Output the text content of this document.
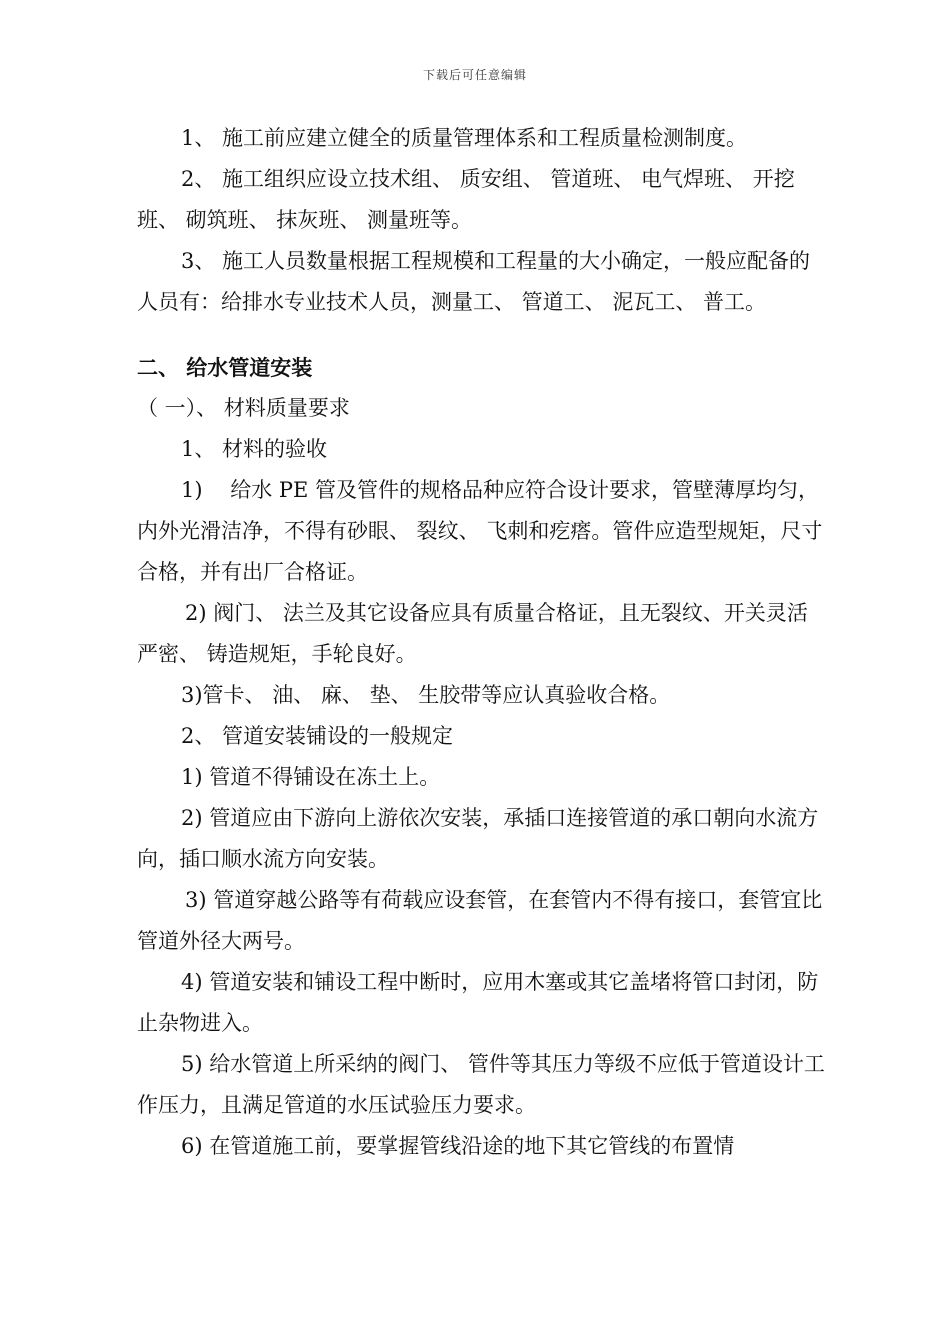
下载后可任意编辑

1、 施工前应建立健全的质量管理体系和工程质量检测制度。

2、 施工组织应设立技术组、 质安组、 管道班、 电气焊班、 开挖班、 砌筑班、 抹灰班、 测量班等。

3、 施工人员数量根据工程规模和工程量的大小确定，一般应配备的人员有：给排水专业技术人员，测量工、 管道工、 泥瓦工、 普工。

二、 给水管道安装

（ 一）、 材料质量要求

1、 材料的验收

1)　 给水 PE 管及管件的规格品种应符合设计要求，管壁薄厚均匀，内外光滑洁净，不得有砂眼、 裂纹、 飞刺和疙瘩。管件应造型规矩，尺寸合格，并有出厂合格证。

2) 阀门、 法兰及其它设备应具有质量合格证，且无裂纹、开关灵活严密、 铸造规矩，手轮良好。

3)管卡、 油、 麻、 垫、 生胶带等应认真验收合格。

2、 管道安装铺设的一般规定

1) 管道不得铺设在冻土上。

2) 管道应由下游向上游依次安装，承插口连接管道的承口朝向水流方向，插口顺水流方向安装。

3) 管道穿越公路等有荷载应设套管，在套管内不得有接口，套管宜比管道外径大两号。

4) 管道安装和铺设工程中断时，应用木塞或其它盖堵将管口封闭，防止杂物进入。

5) 给水管道上所采纳的阀门、 管件等其压力等级不应低于管道设计工作压力，且满足管道的水压试验压力要求。

6) 在管道施工前，要掌握管线沿途的地下其它管线的布置情
